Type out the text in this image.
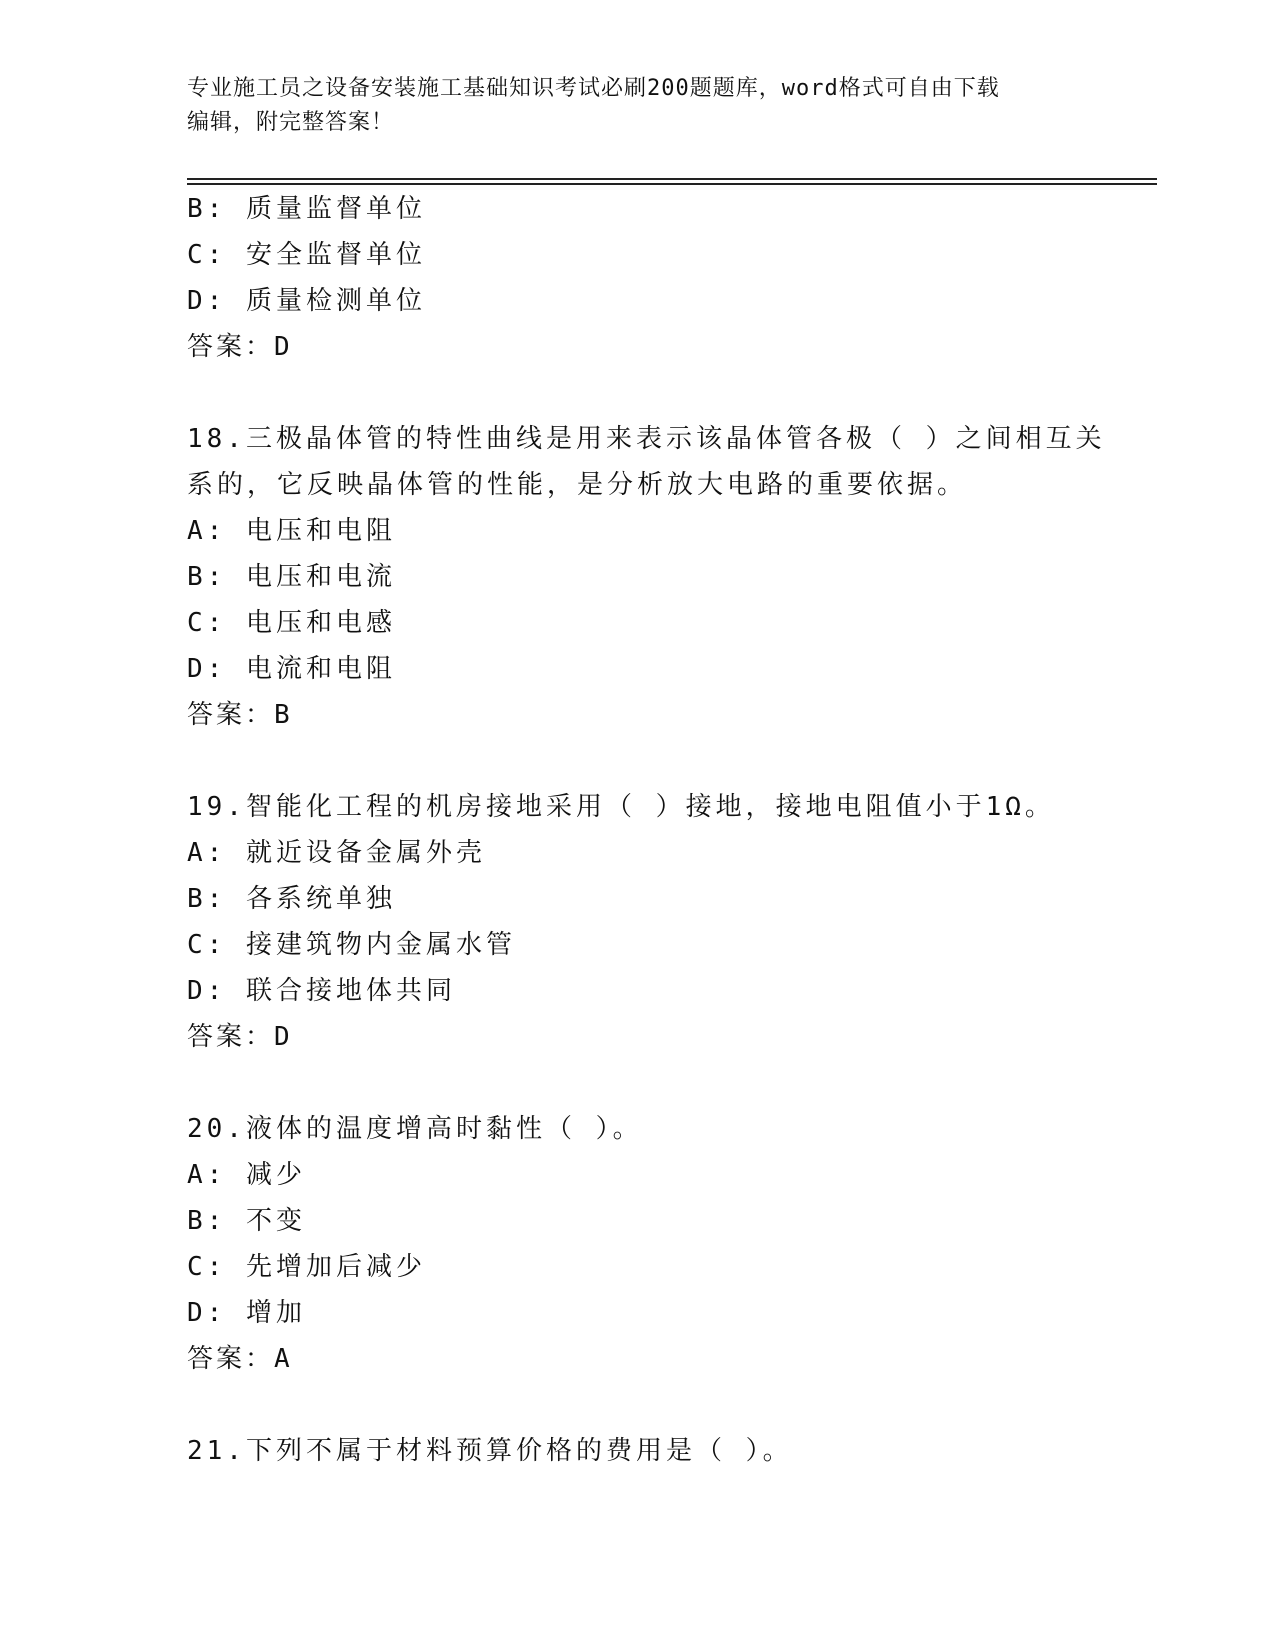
专业施工员之设备安装施工基础知识考试必刷200题题库，word格式可自由下载
编辑，附完整答案！
B: 质量监督单位
C: 安全监督单位
D: 质量检测单位
答案：D
18.三极晶体管的特性曲线是用来表示该晶体管各极（ ）之间相互关
系的，它反映晶体管的性能，是分析放大电路的重要依据。
A: 电压和电阻
B: 电压和电流
C: 电压和电感
D: 电流和电阻
答案：B
19.智能化工程的机房接地采用（ ）接地，接地电阻值小于1Ω。
A: 就近设备金属外壳
B: 各系统单独
C: 接建筑物内金属水管
D: 联合接地体共同
答案：D
20.液体的温度增高时黏性（ ）。
A: 减少
B: 不变
C: 先增加后减少
D: 增加
答案：A
21.下列不属于材料预算价格的费用是（ ）。
